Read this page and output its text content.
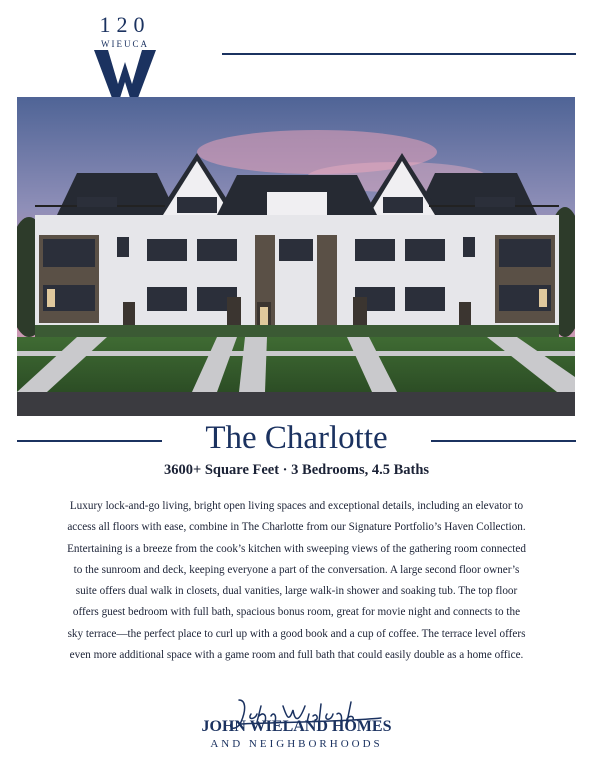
120
WIEUCA
The Charlotte
3600+ Square Feet · 3 Bedrooms, 4.5 Baths
Luxury lock-and-go living, bright open living spaces and exceptional details, including an elevator to
access all floors with ease, combine in The Charlotte from our Signature Portfolio’s Haven Collection.
Entertaining is a breeze from the cook’s kitchen with sweeping views of the gathering room connected
to the sunroom and deck, keeping everyone a part of the conversation. A large second floor owner’s
suite offers dual walk in closets, dual vanities, large walk-in shower and soaking tub. The top floor
offers guest bedroom with full bath, spacious bonus room, great for movie night and connects to the
sky terrace—the perfect place to curl up with a good book and a cup of coffee. The terrace level offers
even more additional space with a game room and full bath that could easily double as a home office.
JOHN WIELAND HOMES
AND NEIGHBORHOODS
